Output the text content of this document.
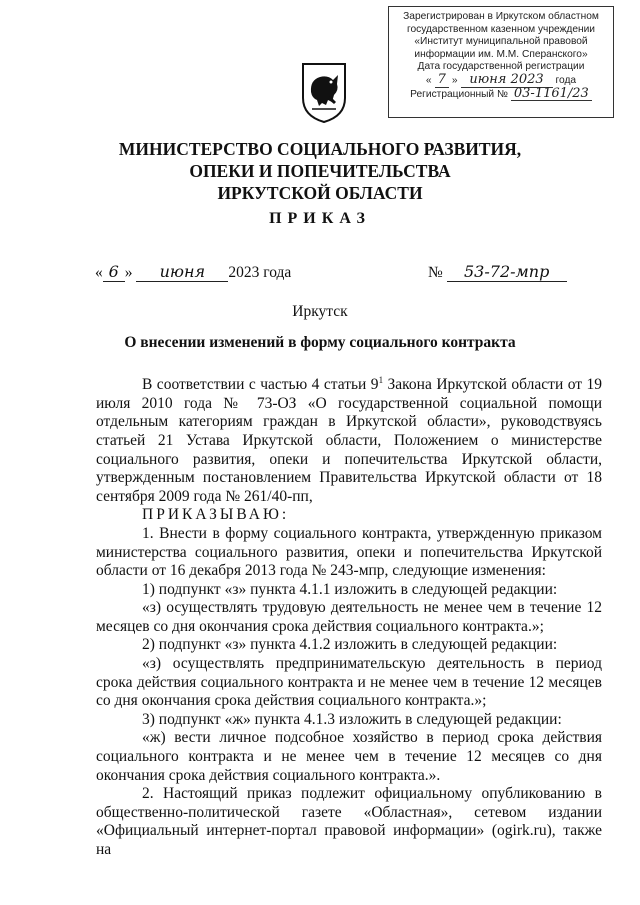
Зарегистрирован в Иркутском областном
государственном казенном учреждении
«Институт муниципальной правовой
информации им. М.М. Сперанского»
Дата государственной регистрации
« 7 » июня 2023	года
Регистрационный № 03-1161/23
МИНИСТЕРСТВО СОЦИАЛЬНОГО РАЗВИТИЯ,
ОПЕКИ И ПОПЕЧИТЕЛЬСТВА
ИРКУТСКОЙ ОБЛАСТИ
ПРИКАЗ
« 6 » июня 2023 года	№ 53-72-мпр
Иркутск
О внесении изменений в форму социального контракта

В соответствии с частью 4 статьи $9^1$ Закона Иркутской области от 19 июля 2010 года № 73-ОЗ «О государственной социальной помощи отдельным категориям граждан в Иркутской области», руководствуясь статьей 21 Устава Иркутской области, Положением о министерстве социального развития, опеки и попечительства Иркутской области, утвержденным постановлением Правительства Иркутской области от 18 сентября 2009 года № 261/40-пп,

ПРИКАЗЫВАЮ:

1. Внести в форму социального контракта, утвержденную приказом министерства социального развития, опеки и попечительства Иркутской области от 16 декабря 2013 года № 243-мпр, следующие изменения:

1) подпункт «з» пункта 4.1.1 изложить в следующей редакции:

«з) осуществлять трудовую деятельность не менее чем в течение 12 месяцев со дня окончания срока действия социального контракта.»;

2) подпункт «з» пункта 4.1.2 изложить в следующей редакции:

«з) осуществлять предпринимательскую деятельность в период срока действия социального контракта и не менее чем в течение 12 месяцев со дня окончания срока действия социального контракта.»;

3) подпункт «ж» пункта 4.1.3 изложить в следующей редакции:

«ж) вести личное подсобное хозяйство в период срока действия социального контракта и не менее чем в течение 12 месяцев со дня окончания срока действия социального контракта.».

2. Настоящий приказ подлежит официальному опубликованию в общественно-политической газете «Областная», сетевом издании «Официальный интернет-портал правовой информации» (ogirk.ru), также на
